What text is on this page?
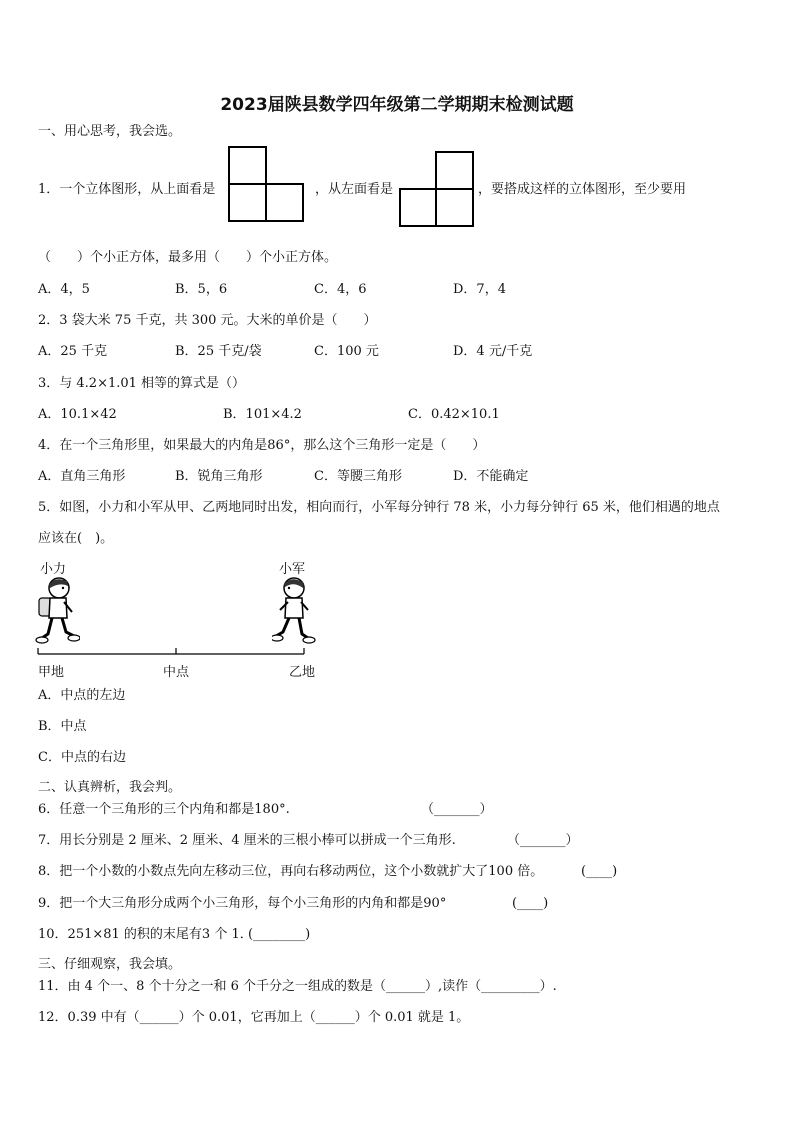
2023届陕县数学四年级第二学期期末检测试题
一、用心思考，我会选。
1．一个立体图形，从上面看是	，从左面看是	，要搭成这样的立体图形，至少要用
（　　）个小正方体，最多用（　　）个小正方体。
A．4，5	B．5，6	C．4，6	D．7，4
2．3 袋大米 75 千克，共 300 元。大米的单价是（　　）
A．25 千克	B．25 千克/袋	C．100 元	D．4 元/千克
3．与 4.2×1.01 相等的算式是（）
A．10.1×42	B．101×4.2	C．0.42×10.1
4．在一个三角形里，如果最大的内角是86°，那么这个三角形一定是（　　）
A．直角三角形	B．锐角三角形	C．等腰三角形	D．不能确定
5．如图，小力和小军从甲、乙两地同时出发，相向而行，小军每分钟行 78 米，小力每分钟行 65 米，他们相遇的地点
应该在(　)。
小力	小军
甲地	中点	乙地
A．中点的左边
B．中点
C．中点的右边
二、认真辨析，我会判。
6．任意一个三角形的三个内角和都是180°.	（_______）
7．用长分别是 2 厘米、2 厘米、4 厘米的三根小棒可以拼成一个三角形.	（_______）
8．把一个小数的小数点先向左移动三位，再向右移动两位，这个小数就扩大了100 倍。	(____)
9．把一个大三角形分成两个小三角形，每个小三角形的内角和都是90°	(____)
10．251×81 的积的末尾有3 个 1．
(________)
三、仔细观察，我会填。
11．由 4 个一、8 个十分之一和 6 个千分之一组成的数是（______）,读作（_________）.
12．0.39 中有（______）个 0.01，它再加上（______）个 0.01 就是 1。
